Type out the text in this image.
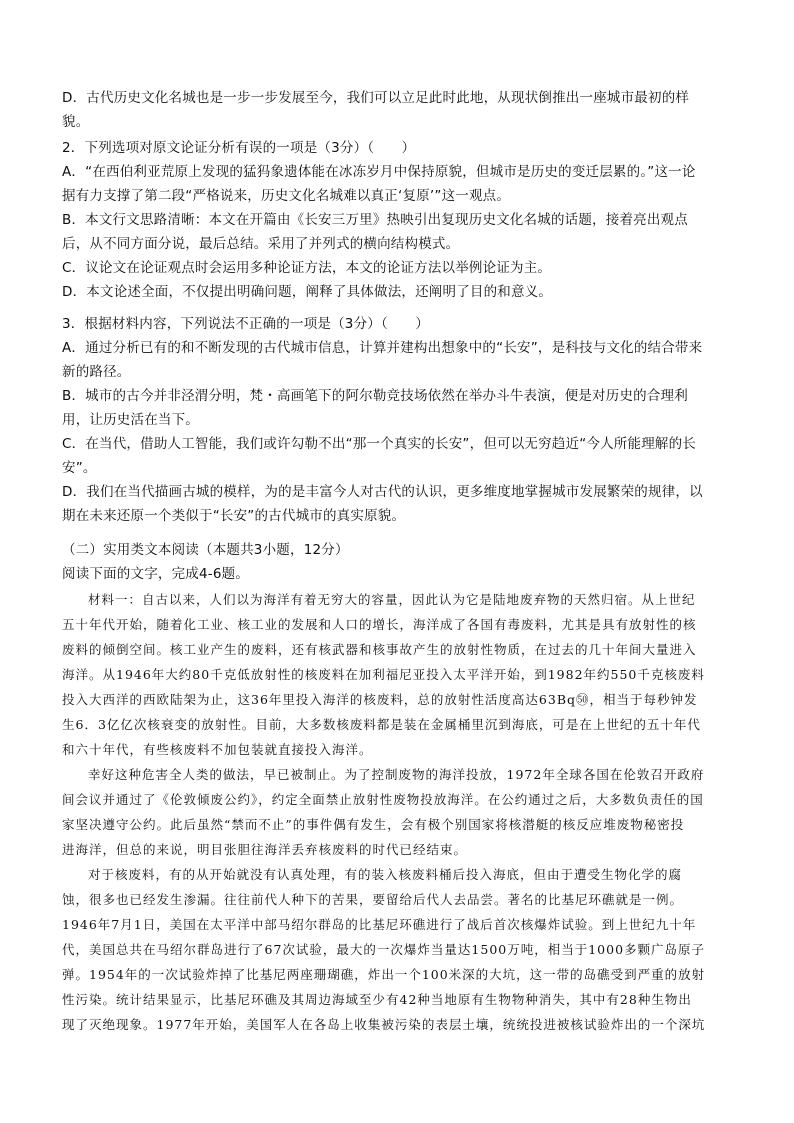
D．古代历史文化名城也是一步一步发展至今，我们可以立足此时此地，从现状倒推出一座城市最初的样
貌。
2．下列选项对原文论证分析有误的一项是（3分）（　　）
A．“在西伯利亚荒原上发现的猛犸象遗体能在冰冻岁月中保持原貌，但城市是历史的变迁层累的。”这一论
据有力支撑了第二段“严格说来，历史文化名城难以真正‘复原’”这一观点。
B．本文行文思路清晰：本文在开篇由《长安三万里》热映引出复现历史文化名城的话题，接着亮出观点
后，从不同方面分说，最后总结。采用了并列式的横向结构模式。
C．议论文在论证观点时会运用多种论证方法，本文的论证方法以举例论证为主。
D．本文论述全面，不仅提出明确问题，阐释了具体做法，还阐明了目的和意义。
3．根据材料内容，下列说法不正确的一项是（3分）（　　）
A．通过分析已有的和不断发现的古代城市信息，计算并建构出想象中的“长安”，是科技与文化的结合带来
新的路径。
B．城市的古今并非泾渭分明，梵・高画笔下的阿尔勒竞技场依然在举办斗牛表演，便是对历史的合理利
用，让历史活在当下。
C．在当代，借助人工智能，我们或许勾勒不出“那一个真实的长安”，但可以无穷趋近“今人所能理解的长
安”。
D．我们在当代描画古城的模样，为的是丰富今人对古代的认识，更多维度地掌握城市发展繁荣的规律，以
期在未来还原一个类似于“长安”的古代城市的真实原貌。
（二）实用类文本阅读（本题共3小题，12分）
阅读下面的文字，完成4-6题。
材料一：自古以来，人们以为海洋有着无穷大的容量，因此认为它是陆地废弃物的天然归宿。从上世纪
五十年代开始，随着化工业、核工业的发展和人口的增长，海洋成了各国有毒废料，尤其是具有放射性的核
废料的倾倒空间。核工业产生的废料，还有核武器和核事故产生的放射性物质，在过去的几十年间大量进入
海洋。从1946年大约80千克低放射性的核废料在加利福尼亚投入太平洋开始，到1982年约550千克核废料
投入大西洋的西欧陆架为止，这36年里投入海洋的核废料，总的放射性活度高达63Bq㊿，相当于每秒钟发
生6．3亿亿次核衰变的放射性。目前，大多数核废料都是装在金属桶里沉到海底，可是在上世纪的五十年代
和六十年代，有些核废料不加包装就直接投入海洋。
幸好这种危害全人类的做法，早已被制止。为了控制废物的海洋投放，1972年全球各国在伦敦召开政府
间会议并通过了《伦敦倾废公约》，约定全面禁止放射性废物投放海洋。在公约通过之后，大多数负责任的国
家坚决遵守公约。此后虽然“禁而不止”的事件偶有发生，会有极个别国家将核潜艇的核反应堆废物秘密投
进海洋，但总的来说，明目张胆往海洋丢弃核废料的时代已经结束。
对于核废料，有的从开始就没有认真处理，有的装入核废料桶后投入海底，但由于遭受生物化学的腐
蚀，很多也已经发生渗漏。往往前代人种下的苦果，要留给后代人去品尝。著名的比基尼环礁就是一例。
1946年7月1日，美国在太平洋中部马绍尔群岛的比基尼环礁进行了战后首次核爆炸试验。到上世纪九十年
代，美国总共在马绍尔群岛进行了67次试验，最大的一次爆炸当量达1500万吨，相当于1000多颗广岛原子
弹。1954年的一次试验炸掉了比基尼两座珊瑚礁，炸出一个100米深的大坑，这一带的岛礁受到严重的放射
性污染。统计结果显示，比基尼环礁及其周边海域至少有42种当地原有生物物种消失，其中有28种生物出
现了灭绝现象。1977年开始，美国军人在各岛上收集被污染的表层土壤，统统投进被核试验炸出的一个深坑
